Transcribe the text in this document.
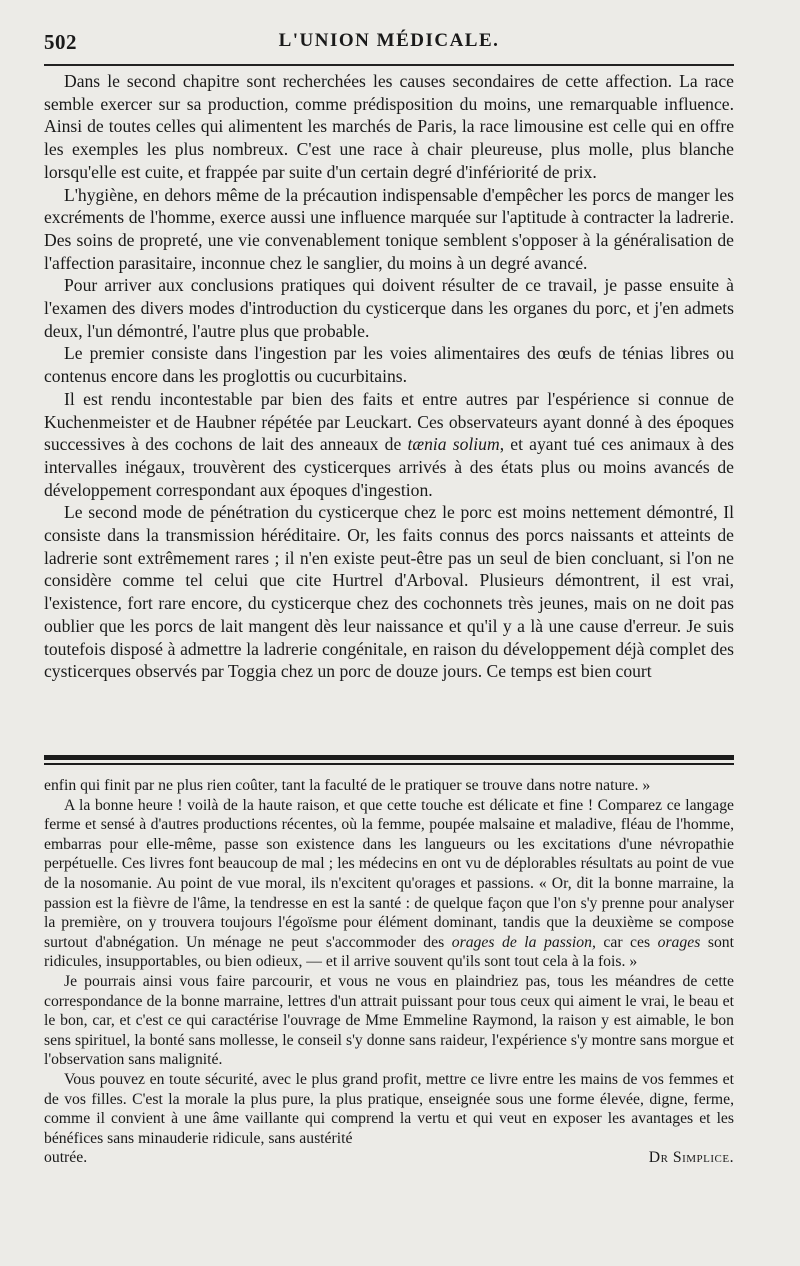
502	L'UNION MÉDICALE.

Dans le second chapitre sont recherchées les causes secondaires de cette affection. La race semble exercer sur sa production, comme prédisposition du moins, une remarquable influence. Ainsi de toutes celles qui alimentent les marchés de Paris, la race limousine est celle qui en offre les exemples les plus nombreux. C'est une race à chair pleureuse, plus molle, plus blanche lorsqu'elle est cuite, et frappée par suite d'un certain degré d'infériorité de prix.

L'hygiène, en dehors même de la précaution indispensable d'empêcher les porcs de manger les excréments de l'homme, exerce aussi une influence marquée sur l'aptitude à contracter la ladrerie. Des soins de propreté, une vie convenablement tonique semblent s'opposer à la généralisation de l'affection parasitaire, inconnue chez le sanglier, du moins à un degré avancé.

Pour arriver aux conclusions pratiques qui doivent résulter de ce travail, je passe ensuite à l'examen des divers modes d'introduction du cysticerque dans les organes du porc, et j'en admets deux, l'un démontré, l'autre plus que probable.

Le premier consiste dans l'ingestion par les voies alimentaires des œufs de ténias libres ou contenus encore dans les proglottis ou cucurbitains.

Il est rendu incontestable par bien des faits et entre autres par l'espérience si connue de Kuchenmeister et de Haubner répétée par Leuckart. Ces observateurs ayant donné à des époques successives à des cochons de lait des anneaux de tænia solium, et ayant tué ces animaux à des intervalles inégaux, trouvèrent des cysticerques arrivés à des états plus ou moins avancés de développement correspondant aux époques d'ingestion.

Le second mode de pénétration du cysticerque chez le porc est moins nettement démontré, Il consiste dans la transmission héréditaire. Or, les faits connus des porcs naissants et atteints de ladrerie sont extrêmement rares ; il n'en existe peut-être pas un seul de bien concluant, si l'on ne considère comme tel celui que cite Hurtrel d'Arboval. Plusieurs démontrent, il est vrai, l'existence, fort rare encore, du cysticerque chez des cochonnets très jeunes, mais on ne doit pas oublier que les porcs de lait mangent dès leur naissance et qu'il y a là une cause d'erreur. Je suis toutefois disposé à admettre la ladrerie congénitale, en raison du développement déjà complet des cysticerques observés par Toggia chez un porc de douze jours. Ce temps est bien court

enfin qui finit par ne plus rien coûter, tant la faculté de le pratiquer se trouve dans notre nature. »

A la bonne heure ! voilà de la haute raison, et que cette touche est délicate et fine ! Comparez ce langage ferme et sensé à d'autres productions récentes, où la femme, poupée malsaine et maladive, fléau de l'homme, embarras pour elle-même, passe son existence dans les langueurs ou les excitations d'une névropathie perpétuelle. Ces livres font beaucoup de mal ; les médecins en ont vu de déplorables résultats au point de vue de la nosomanie. Au point de vue moral, ils n'excitent qu'orages et passions. « Or, dit la bonne marraine, la passion est la fièvre de l'âme, la tendresse en est la santé : de quelque façon que l'on s'y prenne pour analyser la première, on y trouvera toujours l'égoïsme pour élément dominant, tandis que la deuxième se compose surtout d'abnégation. Un ménage ne peut s'accommoder des orages de la passion, car ces orages sont ridicules, insupportables, ou bien odieux, — et il arrive souvent qu'ils sont tout cela à la fois. »

Je pourrais ainsi vous faire parcourir, et vous ne vous en plaindriez pas, tous les méandres de cette correspondance de la bonne marraine, lettres d'un attrait puissant pour tous ceux qui aiment le vrai, le beau et le bon, car, et c'est ce qui caractérise l'ouvrage de Mme Emmeline Raymond, la raison y est aimable, le bon sens spirituel, la bonté sans mollesse, le conseil s'y donne sans raideur, l'expérience s'y montre sans morgue et l'observation sans malignité.

Vous pouvez en toute sécurité, avec le plus grand profit, mettre ce livre entre les mains de vos femmes et de vos filles. C'est la morale la plus pure, la plus pratique, enseignée sous une forme élevée, digne, ferme, comme il convient à une âme vaillante qui comprend la vertu et qui veut en exposer les avantages et les bénéfices sans minauderie ridicule, sans austérité

outrée.	Dr Simplice.
